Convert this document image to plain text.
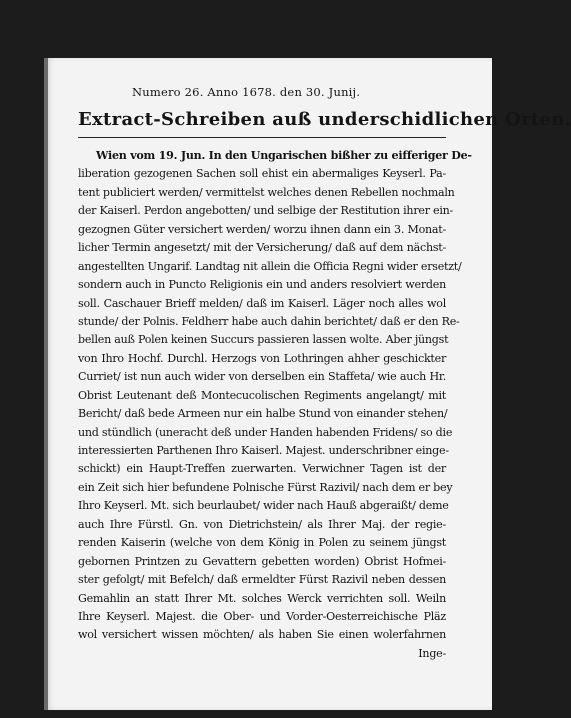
Numero 26. Anno 1678. den 30. Junij.
Extract-Schreiben auß underschidlichen Orten.
Wien vom 19. Jun. In den Ungarischen bißher zu eifferiger De-
liberation gezogenen Sachen soll ehist ein abermaliges Keyserl. Pa-
tent publiciert werden/ vermittelst welches denen Rebellen nochmaln
der Kaiserl. Perdon angebotten/ und selbige der Restitution ihrer ein-
gezognen Güter versichert werden/ worzu ihnen dann ein 3. Monat-
licher Termin angesetzt/ mit der Versicherung/ daß auf dem nächst-
angestellten Ungarif. Landtag nit allein die Officia Regni wider ersetzt/
sondern auch in Puncto Religionis ein und anders resolviert werden
soll. Caschauer Brieff melden/ daß im Kaiserl. Läger noch alles wol
stunde/ der Polnis. Feldherr habe auch dahin berichtet/ daß er den Re-
bellen auß Polen keinen Succurs passieren lassen wolte. Aber jüngst
von Ihro Hochf. Durchl. Herzogs von Lothringen ahher geschickter
Curriet/ ist nun auch wider von derselben ein Staffeta/ wie auch Hr.
Obrist Leutenant deß Montecucolischen Regiments angelangt/ mit
Bericht/ daß bede Armeen nur ein halbe Stund von einander stehen/
und stündlich (uneracht deß under Handen habenden Fridens/ so die
interessierten Parthenen Ihro Kaiserl. Majest. underschribner einge-
schickt) ein Haupt-Treffen zuerwarten. Verwichner Tagen ist der
ein Zeit sich hier befundene Polnische Fürst Razivil/ nach dem er bey
Ihro Keyserl. Mt. sich beurlaubet/ wider nach Hauß abgeraißt/ deme
auch Ihre Fürstl. Gn. von Dietrichstein/ als Ihrer Maj. der regie-
renden Kaiserin (welche von dem König in Polen zu seinem jüngst
gebornen Printzen zu Gevattern gebetten worden) Obrist Hofmei-
ster gefolgt/ mit Befelch/ daß ermeldter Fürst Razivil neben dessen
Gemahlin an statt Ihrer Mt. solches Werck verrichten soll. Weiln
Ihre Keyserl. Majest. die Ober- und Vorder-Oesterreichische Pläz
wol versichert wissen möchten/ als haben Sie einen wolerfahrnen
Inge-
